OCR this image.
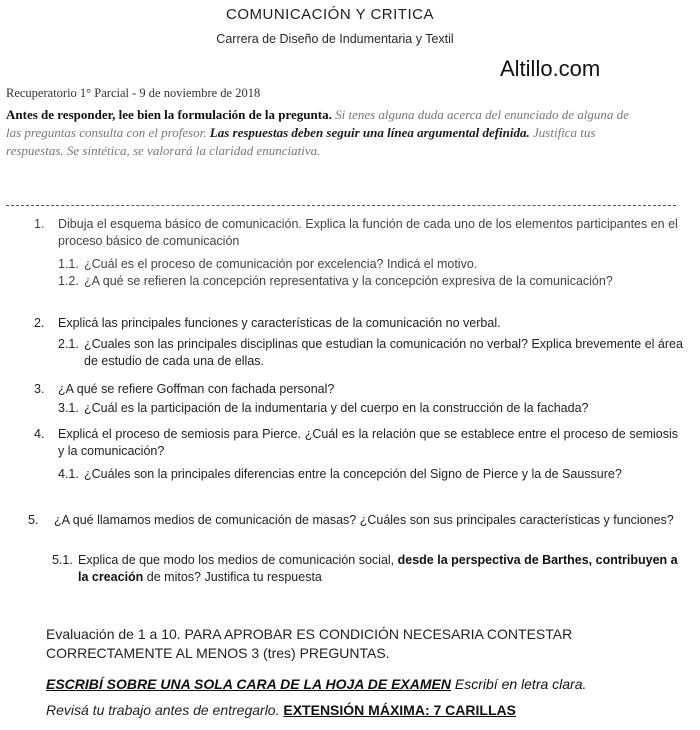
COMUNICACIÓN Y CRITICA
Carrera de Diseño de Indumentaria y Textil
Altillo.com
Recuperatorio 1° Parcial - 9 de noviembre de 2018
Antes de responder, lee bien la formulación de la pregunta. Si tenes alguna duda acerca del enunciado de alguna de las preguntas consulta con el profesor. Las respuestas deben seguir una línea argumental definida. Justifica tus respuestas. Se sintética, se valorará la claridad enunciativa.
1. Dibuja el esquema básico de comunicación. Explica la función de cada uno de los elementos participantes en el proceso básico de comunicación
1.1. ¿Cuál es el proceso de comunicación por excelencia? Indicá el motivo.
1.2. ¿A qué se refieren la concepción representativa y la concepción expresiva de la comunicación?
2. Explicá las principales funciones y características de la comunicación no verbal.
2.1. ¿Cuales son las principales disciplinas que estudian la comunicación no verbal? Explica brevemente el área de estudio de cada una de ellas.
3. ¿A qué se refiere Goffman con fachada personal?
3.1. ¿Cuál es la participación de la indumentaria y del cuerpo en la construcción de la fachada?
4. Explicá el proceso de semiosis para Pierce. ¿Cuál es la relación que se establece entre el proceso de semiosis y la comunicación?
4.1. ¿Cuáles son la principales diferencias entre la concepción del Signo de Pierce y la de Saussure?
5. ¿A qué llamamos medios de comunicación de masas? ¿Cuáles son sus principales características y funciones?
5.1. Explica de que modo los medios de comunicación social, desde la perspectiva de Barthes, contribuyen a la creación de mitos? Justifica tu respuesta
Evaluación de 1 a 10. PARA APROBAR ES CONDICIÓN NECESARIA CONTESTAR CORRECTAMENTE AL MENOS 3 (tres) PREGUNTAS.
ESCRIBÍ SOBRE UNA SOLA CARA DE LA HOJA DE EXAMEN Escribí en letra clara.
Revisá tu trabajo antes de entregarlo. EXTENSIÓN MÁXIMA: 7 CARILLAS
